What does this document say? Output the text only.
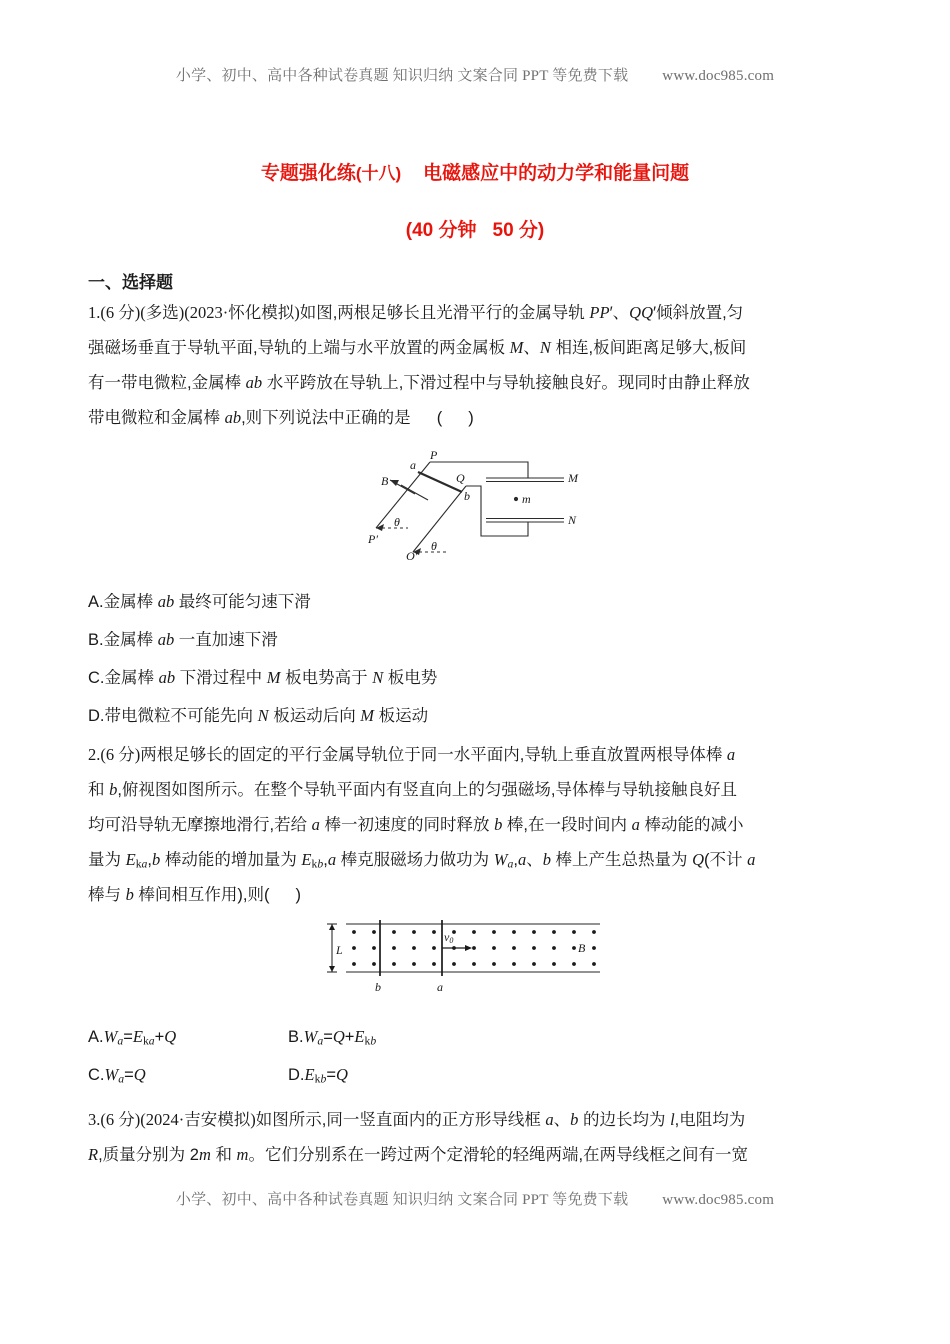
小学、初中、高中各种试卷真题 知识归纳 文案合同 PPT 等免费下载 www.doc985.com
专题强化练(十八) 电磁感应中的动力学和能量问题
(40 分钟 50 分)
一、选择题
1.(6 分)(多选)(2023·怀化模拟)如图,两根足够长且光滑平行的金属导轨 PP′、QQ′倾斜放置,匀
强磁场垂直于导轨平面,导轨的上端与水平放置的两金属板 M、N 相连,板间距离足够大,板间
有一带电微粒,金属棒 ab 水平跨放在导轨上,下滑过程中与导轨接触良好。现同时由静止释放
带电微粒和金属棒 ab,则下列说法中正确的是 ( )
P
P′
Q
Q′
a
b
B
θ
θ
M
N
m
A.金属棒 ab 最终可能匀速下滑
B.金属棒 ab 一直加速下滑
C.金属棒 ab 下滑过程中 M 板电势高于 N 板电势
D.带电微粒不可能先向 N 板运动后向 M 板运动
2.(6 分)两根足够长的固定的平行金属导轨位于同一水平面内,导轨上垂直放置两根导体棒 a
和 b,俯视图如图所示。在整个导轨平面内有竖直向上的匀强磁场,导体棒与导轨接触良好且
均可沿导轨无摩擦地滑行,若给 a 棒一初速度的同时释放 b 棒,在一段时间内 a 棒动能的减小
量为 $E_{ka},b$ 棒动能的增加量为 $E_{kb},a$ 棒克服磁场力做功为 $W_a,a$、b 棒上产生总热量为 Q(不计 a
棒与 b 棒间相互作用),则( )
L
b	a
v0
B
$A.W_a=E_{ka}+Q$	$B.W_a=Q+E_{kb}$
$C.W_a=Q$	$D.E_{kb}=Q$
3.(6 分)(2024·吉安模拟)如图所示,同一竖直面内的正方形导线框 a、b 的边长均为 l,电阻均为
R,质量分别为 2m 和 m。它们分别系在一跨过两个定滑轮的轻绳两端,在两导线框之间有一宽
小学、初中、高中各种试卷真题 知识归纳 文案合同 PPT 等免费下载 www.doc985.com
